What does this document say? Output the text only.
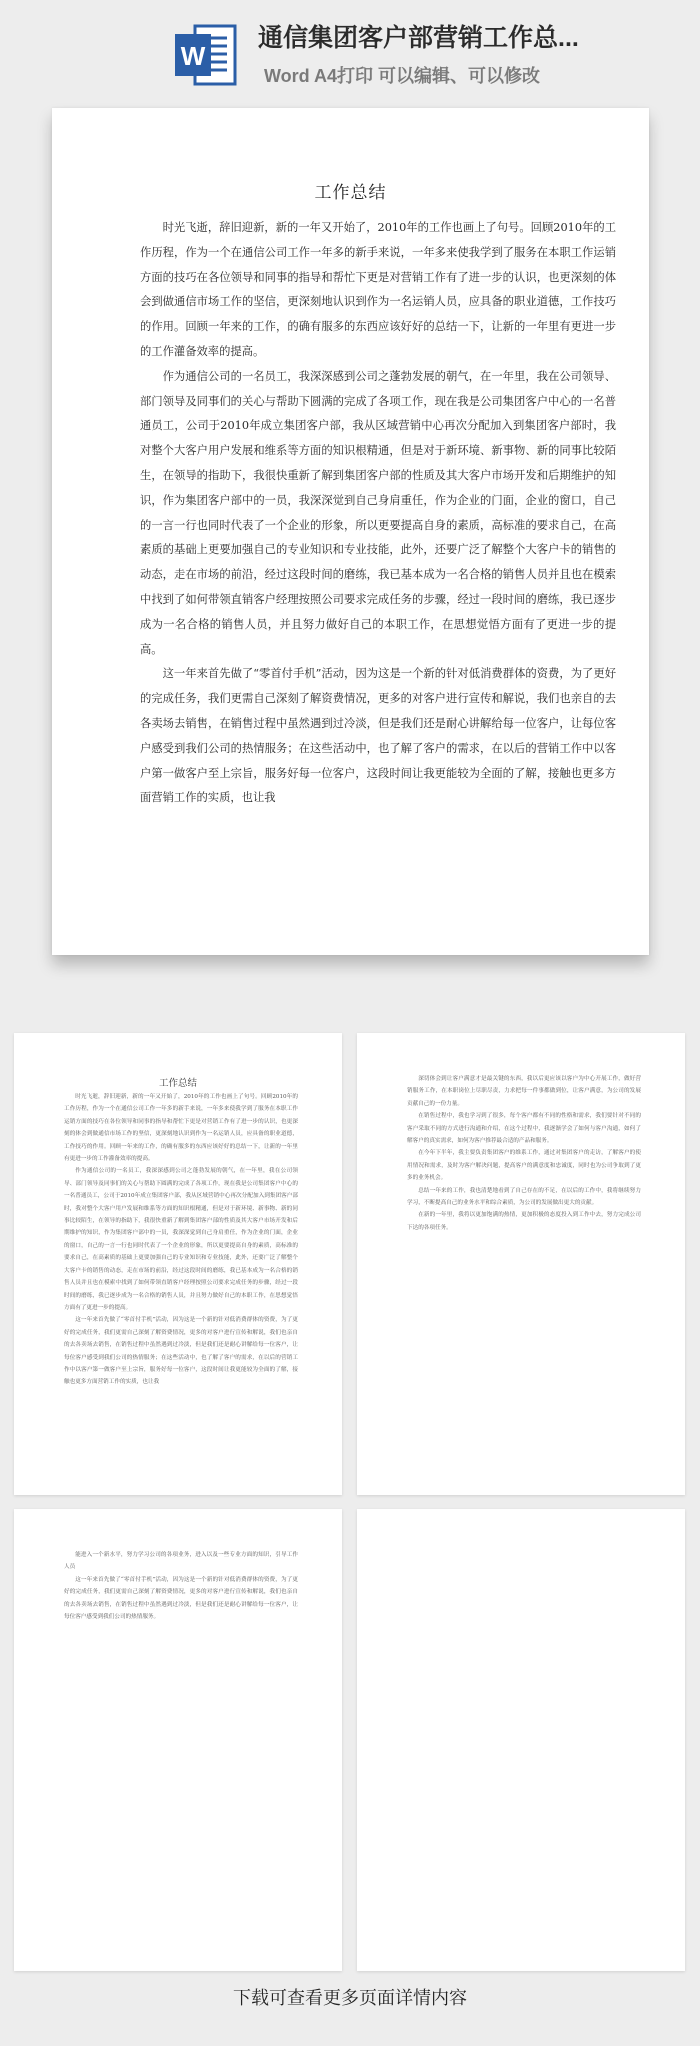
W
通信集团客户部营销工作总...
Word A4打印 可以编辑、可以修改
工作总结

时光飞逝，辞旧迎新，新的一年又开始了，2010年的工作也画上了句号。回顾2010年的工作历程，作为一个在通信公司工作一年多的新手来说，一年多来使我学到了服务在本职工作运销方面的技巧在各位领导和同事的指导和帮忙下更是对营销工作有了进一步的认识，也更深刻的体会到做通信市场工作的坚信，更深刻地认识到作为一名运销人员，应具备的职业道德，工作技巧的作用。回顾一年来的工作，的确有服多的东西应该好好的总结一下，让新的一年里有更进一步的工作灌备效率的提高。

作为通信公司的一名员工，我深深感到公司之蓬勃发展的朝气，在一年里，我在公司领导、部门领导及同事们的关心与帮助下圆满的完成了各项工作，现在我是公司集团客户中心的一名普通员工，公司于2010年成立集团客户部，我从区域营销中心再次分配加入到集团客户部时，我对整个大客户用户发展和维系等方面的知识根精通，但是对于新环境、新事物、新的同事比较陌生，在领导的指助下，我很快重新了解到集团客户部的性质及其大客户市场开发和后期维护的知识，作为集团客户部中的一员，我深深觉到自己身肩重任，作为企业的门面，企业的窗口，自己的一言一行也同时代表了一个企业的形象，所以更要提高自身的素质，高标准的要求自己，在高素质的基础上更要加强自己的专业知识和专业技能，此外，还要广泛了解整个大客户卡的销售的动态，走在市场的前沿，经过这段时间的磨练，我已基本成为一名合格的销售人员并且也在模索中找到了如何带领直销客户经理按照公司要求完成任务的步骤，经过一段时间的磨练，我已逐步成为一名合格的销售人员，并且努力做好自己的本职工作，在思想觉悟方面有了更进一步的提高。

这一年来首先做了“零首付手机”活动，因为这是一个新的针对低消费群体的资费，为了更好的完成任务，我们更需自己深刻了解资费情况，更多的对客户进行宣传和解说，我们也亲自的去各卖场去销售，在销售过程中虽然遇到过冷淡，但是我们还是耐心讲解给每一位客户，让每位客户感受到我们公司的热情服务；在这些活动中，也了解了客户的需求，在以后的营销工作中以客户第一做客户至上宗旨，服务好每一位客户，这段时间让我更能较为全面的了解，接触也更多方面营销工作的实质，也让我

工作总结

时光飞逝，辞旧迎新，新的一年又开始了，2010年的工作也画上了句号。回顾2010年的工作历程，作为一个在通信公司工作一年多的新手来说，一年多来使我学到了服务在本职工作运销方面的技巧在各位领导和同事的指导和帮忙下更是对营销工作有了进一步的认识，也更深刻的体会到做通信市场工作的坚信，更深刻地认识到作为一名运销人员，应具备的职业道德，工作技巧的作用。回顾一年来的工作，的确有服多的东西应该好好的总结一下，让新的一年里有更进一步的工作灌备效率的提高。

作为通信公司的一名员工，我深深感到公司之蓬勃发展的朝气，在一年里，我在公司领导、部门领导及同事们的关心与帮助下圆满的完成了各项工作，现在我是公司集团客户中心的一名普通员工，公司于2010年成立集团客户部，我从区域营销中心再次分配加入到集团客户部时，我对整个大客户用户发展和维系等方面的知识根精通，但是对于新环境、新事物、新的同事比较陌生，在领导的指助下，我很快重新了解到集团客户部的性质及其大客户市场开发和后期维护的知识，作为集团客户部中的一员，我深深觉到自己身肩重任，作为企业的门面，企业的窗口，自己的一言一行也同时代表了一个企业的形象，所以更要提高自身的素质，高标准的要求自己，在高素质的基础上更要加强自己的专业知识和专业技能，此外，还要广泛了解整个大客户卡的销售的动态，走在市场的前沿，经过这段时间的磨练，我已基本成为一名合格的销售人员并且也在模索中找到了如何带领直销客户经理按照公司要求完成任务的步骤，经过一段时间的磨练，我已逐步成为一名合格的销售人员，并且努力做好自己的本职工作，在思想觉悟方面有了更进一步的提高。

这一年来首先做了“零首付手机”活动，因为这是一个新的针对低消费群体的资费，为了更好的完成任务，我们更需自己深刻了解资费情况，更多的对客户进行宣传和解说，我们也亲自的去各卖场去销售，在销售过程中虽然遇到过冷淡，但是我们还是耐心讲解给每一位客户，让每位客户感受到我们公司的热情服务；在这些活动中，也了解了客户的需求，在以后的营销工作中以客户第一做客户至上宗旨，服务好每一位客户，这段时间让我更能较为全面的了解，接触也更多方面营销工作的实质，也让我

深切体会到让客户满意才是最关键的东西，我以后更应该以客户为中心开展工作，做好营销服务工作，在本职岗位上尽职尽责，力求把每一件事都做到位，让客户满意，为公司的发展贡献自己的一份力量。

在销售过程中，我也学习到了很多，每个客户都有不同的性格和需求，我们要针对不同的客户采取不同的方式进行沟通和介绍，在这个过程中，我逐渐学会了如何与客户沟通，如何了解客户的真实需求，如何为客户推荐最合适的产品和服务。

在今年下半年，我主要负责集团客户的维系工作，通过对集团客户的走访，了解客户的使用情况和需求，及时为客户解决问题，提高客户的满意度和忠诚度，同时也为公司争取到了更多的业务机会。

总结一年来的工作，我也清楚地看到了自己存在的不足，在以后的工作中，我将继续努力学习，不断提高自己的业务水平和综合素质，为公司的发展做出更大的贡献。

在新的一年里，我将以更加饱满的热情，更加积极的态度投入到工作中去，努力完成公司下达的各项任务。

能进入一个新水平，努力学习公司的各项业务，进入以及一些专业方面的知识，引导工作人员

这一年来首先做了“零首付手机”活动，因为这是一个新的针对低消费群体的资费，为了更好的完成任务，我们更需自己深刻了解资费情况，更多的对客户进行宣传和解说，我们也亲自的去各卖场去销售，在销售过程中虽然遇到过冷淡，但是我们还是耐心讲解给每一位客户，让每位客户感受到我们公司的热情服务。

下载可查看更多页面详情内容
